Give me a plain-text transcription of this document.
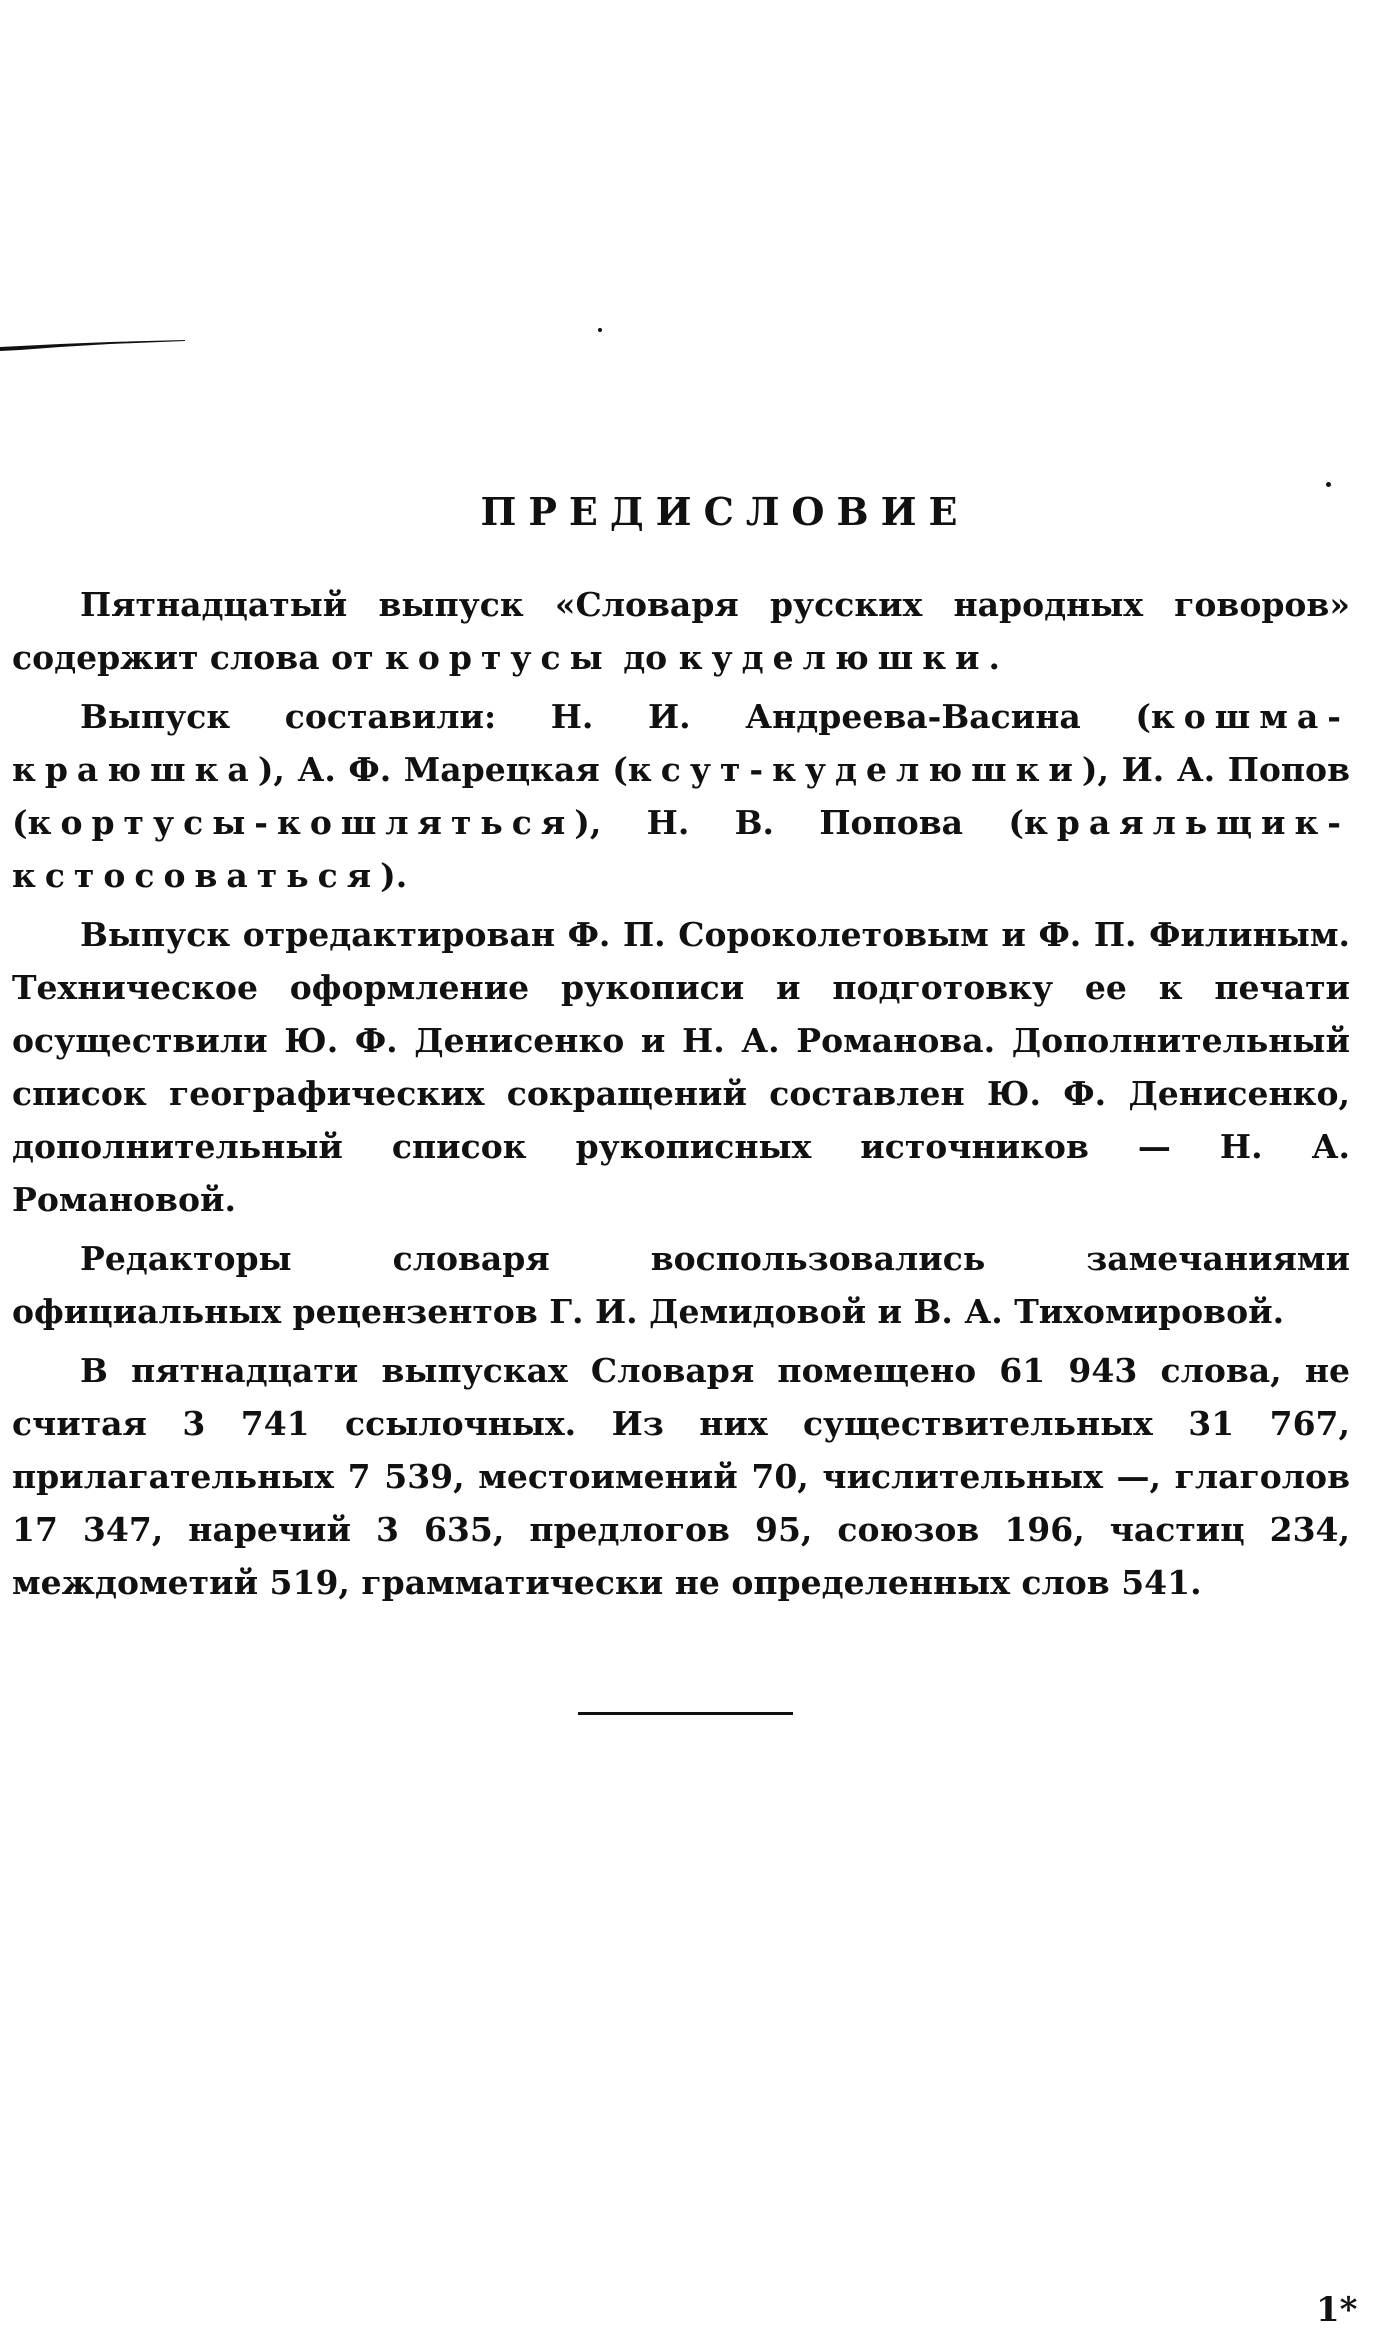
ПРЕДИСЛОВИЕ

Пятнадцатый выпуск «Словаря русских народных говоров» содержит слова от кортусы до куделюшки.

Выпуск составили: Н. И. Андреева-Васина (кошма-краюшка), А. Ф. Марецкая (ксут-куделюшки), И. А. Попов (кортусы-кошляться), Н. В. Попова (краяльщик-кстосоваться).

Выпуск отредактирован Ф. П. Сороколетовым и Ф. П. Филиным. Техническое оформление рукописи и подготовку ее к печати осуществили Ю. Ф. Денисенко и Н. А. Романова. Дополнительный список географических сокращений составлен Ю. Ф. Денисенко, дополнительный список рукописных источников — Н. А. Романовой.

Редакторы словаря воспользовались замечаниями официальных рецензентов Г. И. Демидовой и В. А. Тихомировой.

В пятнадцати выпусках Словаря помещено 61 943 слова, не считая 3 741 ссылочных. Из них существительных 31 767, прилагательных 7 539, местоимений 70, числительных —, глаголов 17 347, наречий 3 635, предлогов 95, союзов 196, частиц 234, междометий 519, грамматически не определенных слов 541.

1*
